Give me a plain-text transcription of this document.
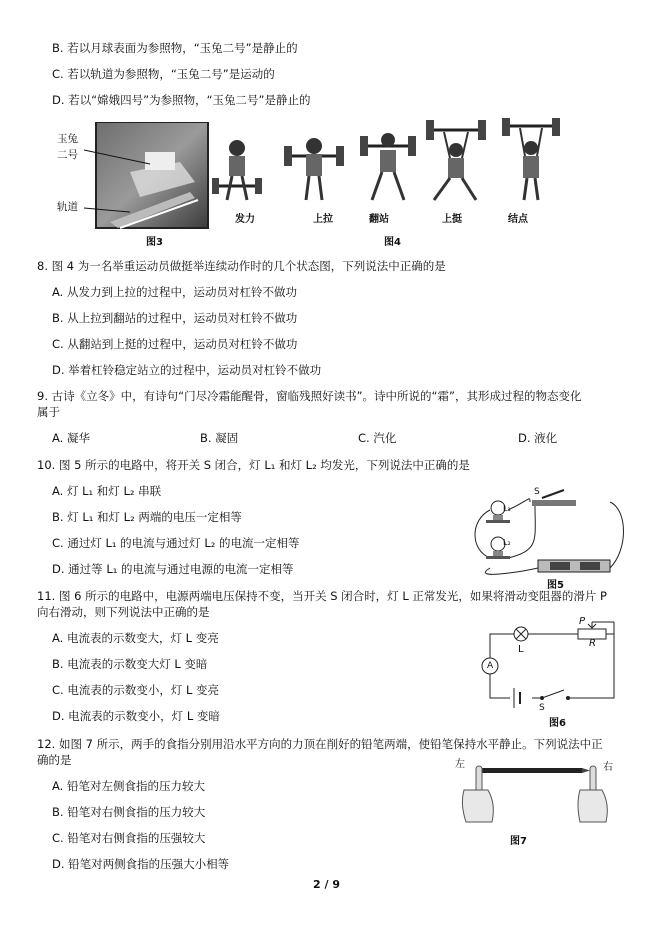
B. 若以月球表面为参照物，“玉兔二号”是静止的
C. 若以轨道为参照物，“玉兔二号”是运动的
D. 若以“嫦娥四号”为参照物，“玉兔二号”是静止的
玉兔
二号
轨道
图3
发力	上拉	翻站	上挺	结点
图4
8. 图 4 为一名举重运动员做挺举连续动作时的几个状态图，下列说法中正确的是
A. 从发力到上拉的过程中，运动员对杠铃不做功
B. 从上拉到翻站的过程中，运动员对杠铃不做功
C. 从翻站到上挺的过程中，运动员对杠铃不做功
D. 举着杠铃稳定站立的过程中，运动员对杠铃不做功
9. 古诗《立冬》中，有诗句“门尽冷霜能醒骨，窗临残照好读书”。诗中所说的“霜”，其形成过程的物态变化
属于
A. 凝华	B. 凝固	C. 汽化	D. 液化
10. 图 5 所示的电路中，将开关 S 闭合，灯 L₁ 和灯 L₂ 均发光，下列说法中正确的是
A. 灯 L₁ 和灯 L₂ 串联
B. 灯 L₁ 和灯 L₂ 两端的电压一定相等
C. 通过灯 L₁ 的电流与通过灯 L₂ 的电流一定相等
D. 通过等 L₁ 的电流与通过电源的电流一定相等
S
L₁
L₂
图5
11. 图 6 所示的电路中，电源两端电压保持不变，当开关 S 闭合时，灯 L 正常发光，如果将滑动变阻器的滑片 P
向右滑动，则下列说法中正确的是
A. 电流表的示数变大，灯 L 变亮
B. 电流表的示数变大灯 L 变暗
C. 电流表的示数变小，灯 L 变亮
D. 电流表的示数变小，灯 L 变暗
A
L
P
R
S
图6
12. 如图 7 所示，两手的食指分别用沿水平方向的力顶在削好的铅笔两端，使铅笔保持水平静止。下列说法中正
确的是
A. 铅笔对左侧食指的压力较大
B. 铅笔对右侧食指的压力较大
C. 铅笔对右侧食指的压强较大
D. 铅笔对两侧食指的压强大小相等
左	右
图7
2 / 9
